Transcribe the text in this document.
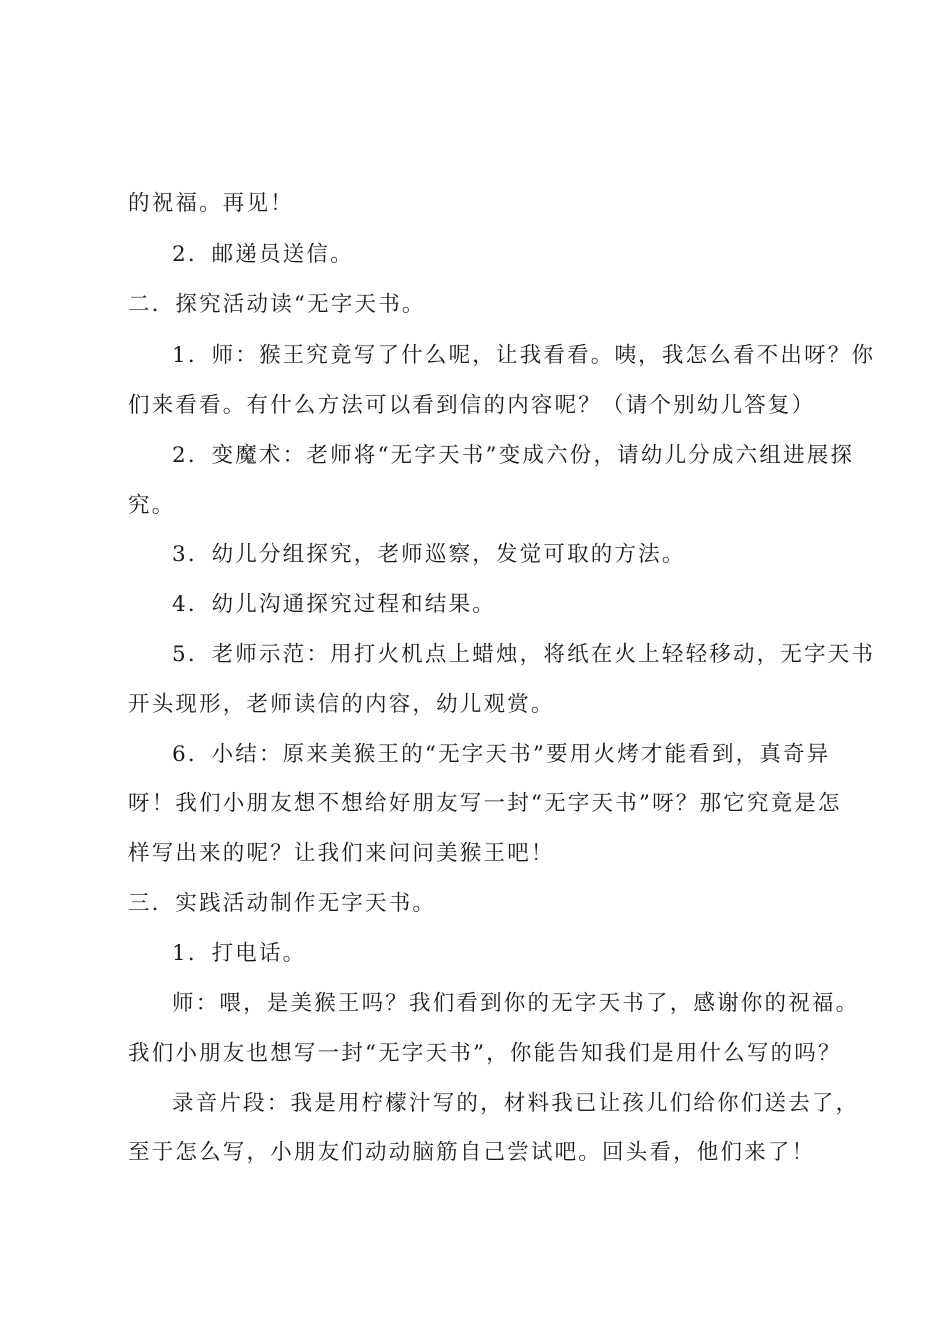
的祝福。再见！
2．邮递员送信。
二．探究活动读“无字天书。
1．师：猴王究竟写了什么呢，让我看看。咦，我怎么看不出呀？你
们来看看。有什么方法可以看到信的内容呢？（请个别幼儿答复）
2．变魔术：老师将“无字天书”变成六份，请幼儿分成六组进展探
究。
3．幼儿分组探究，老师巡察，发觉可取的方法。
4．幼儿沟通探究过程和结果。
5．老师示范：用打火机点上蜡烛，将纸在火上轻轻移动，无字天书
开头现形，老师读信的内容，幼儿观赏。
6．小结：原来美猴王的“无字天书”要用火烤才能看到，真奇异
呀！我们小朋友想不想给好朋友写一封“无字天书”呀？那它究竟是怎
样写出来的呢？让我们来问问美猴王吧！
三．实践活动制作无字天书。
1．打电话。
师：喂，是美猴王吗？我们看到你的无字天书了，感谢你的祝福。
我们小朋友也想写一封“无字天书”，你能告知我们是用什么写的吗？
录音片段：我是用柠檬汁写的，材料我已让孩儿们给你们送去了，
至于怎么写，小朋友们动动脑筋自己尝试吧。回头看，他们来了！
